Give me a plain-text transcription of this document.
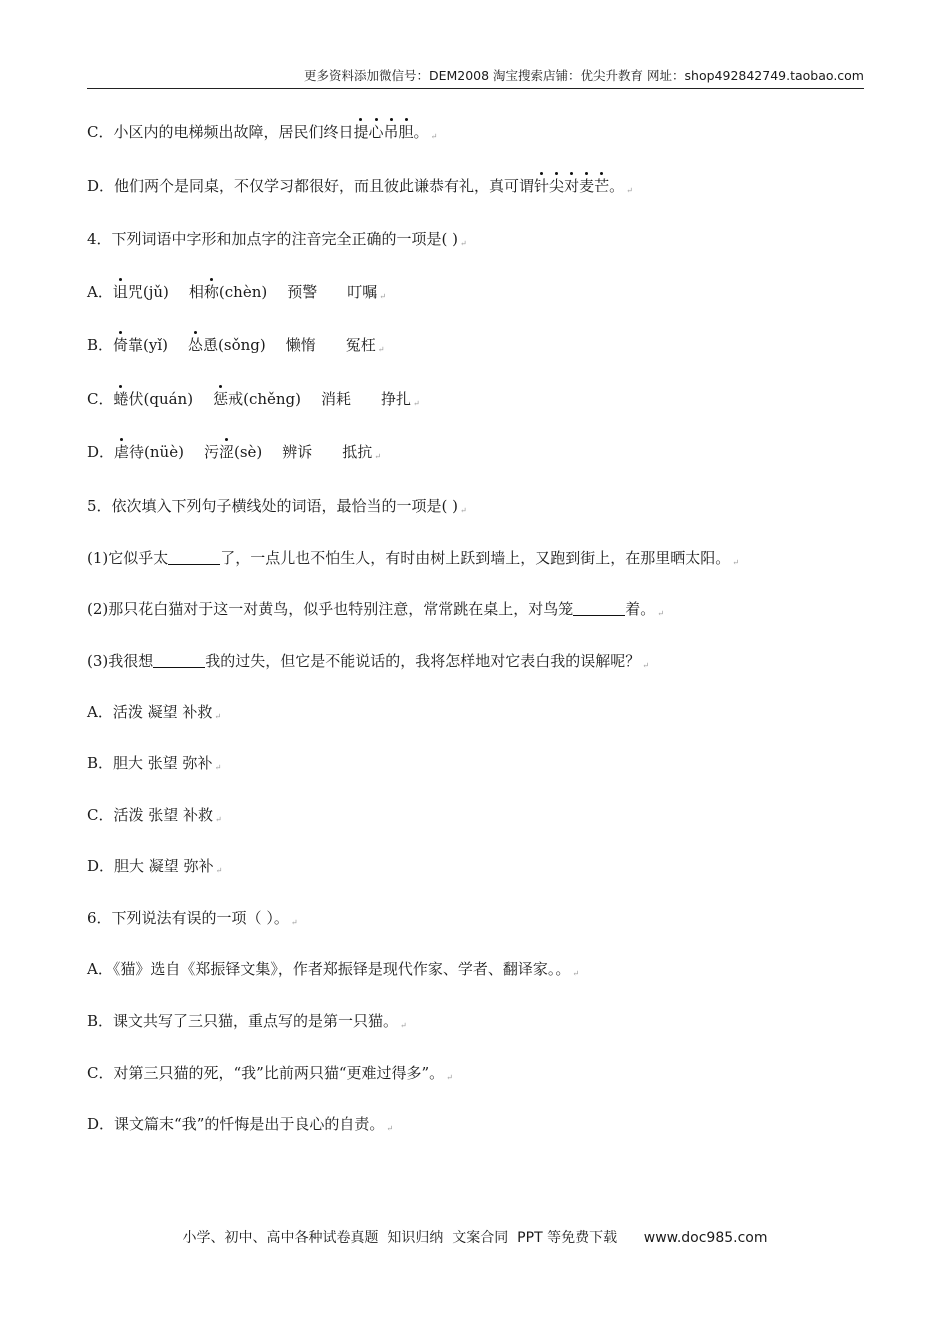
更多资料添加微信号：DEM2008 淘宝搜索店铺：优尖升教育 网址：shop492842749.taobao.com
C．小区内的电梯频出故障，居民们终日提心吊胆。 ↵
D．他们两个是同桌，不仅学习都很好，而且彼此谦恭有礼，真可谓针尖对麦芒。 ↵
4．下列词语中字形和加点字的注音完全正确的一项是( ) ↵
A．诅咒(jǔ) 相称(chèn) 预警 叮嘱 ↵
B．倚靠(yǐ) 怂恿(sǒng) 懒惰 冤枉 ↵
C．蜷伏(quán) 惩戒(chěng) 消耗 挣扎 ↵
D．虐待(nüè) 污涩(sè) 辨诉 抵抗 ↵
5．依次填入下列句子横线处的词语，最恰当的一项是( ) ↵
(1)它似乎太	了，一点儿也不怕生人，有时由树上跃到墙上，又跑到街上，在那里晒太阳。 ↵
(2)那只花白猫对于这一对黄鸟，似乎也特别注意，常常跳在桌上，对鸟笼	着。 ↵
(3)我很想	我的过失，但它是不能说话的，我将怎样地对它表白我的误解呢？ ↵
A．活泼 凝望 补救 ↵
B．胆大 张望 弥补 ↵
C．活泼 张望 补救 ↵
D．胆大 凝望 弥补 ↵
6．下列说法有误的一项（ ）。 ↵
A．《猫》选自《郑振铎文集》，作者郑振铎是现代作家、学者、翻译家。。 ↵
B．课文共写了三只猫，重点写的是第一只猫。 ↵
C．对第三只猫的死，“我”比前两只猫“更难过得多”。 ↵
D．课文篇末“我”的忏悔是出于良心的自责。 ↵
小学、初中、高中各种试卷真题  知识归纳  文案合同  PPT 等免费下载      www.doc985.com
